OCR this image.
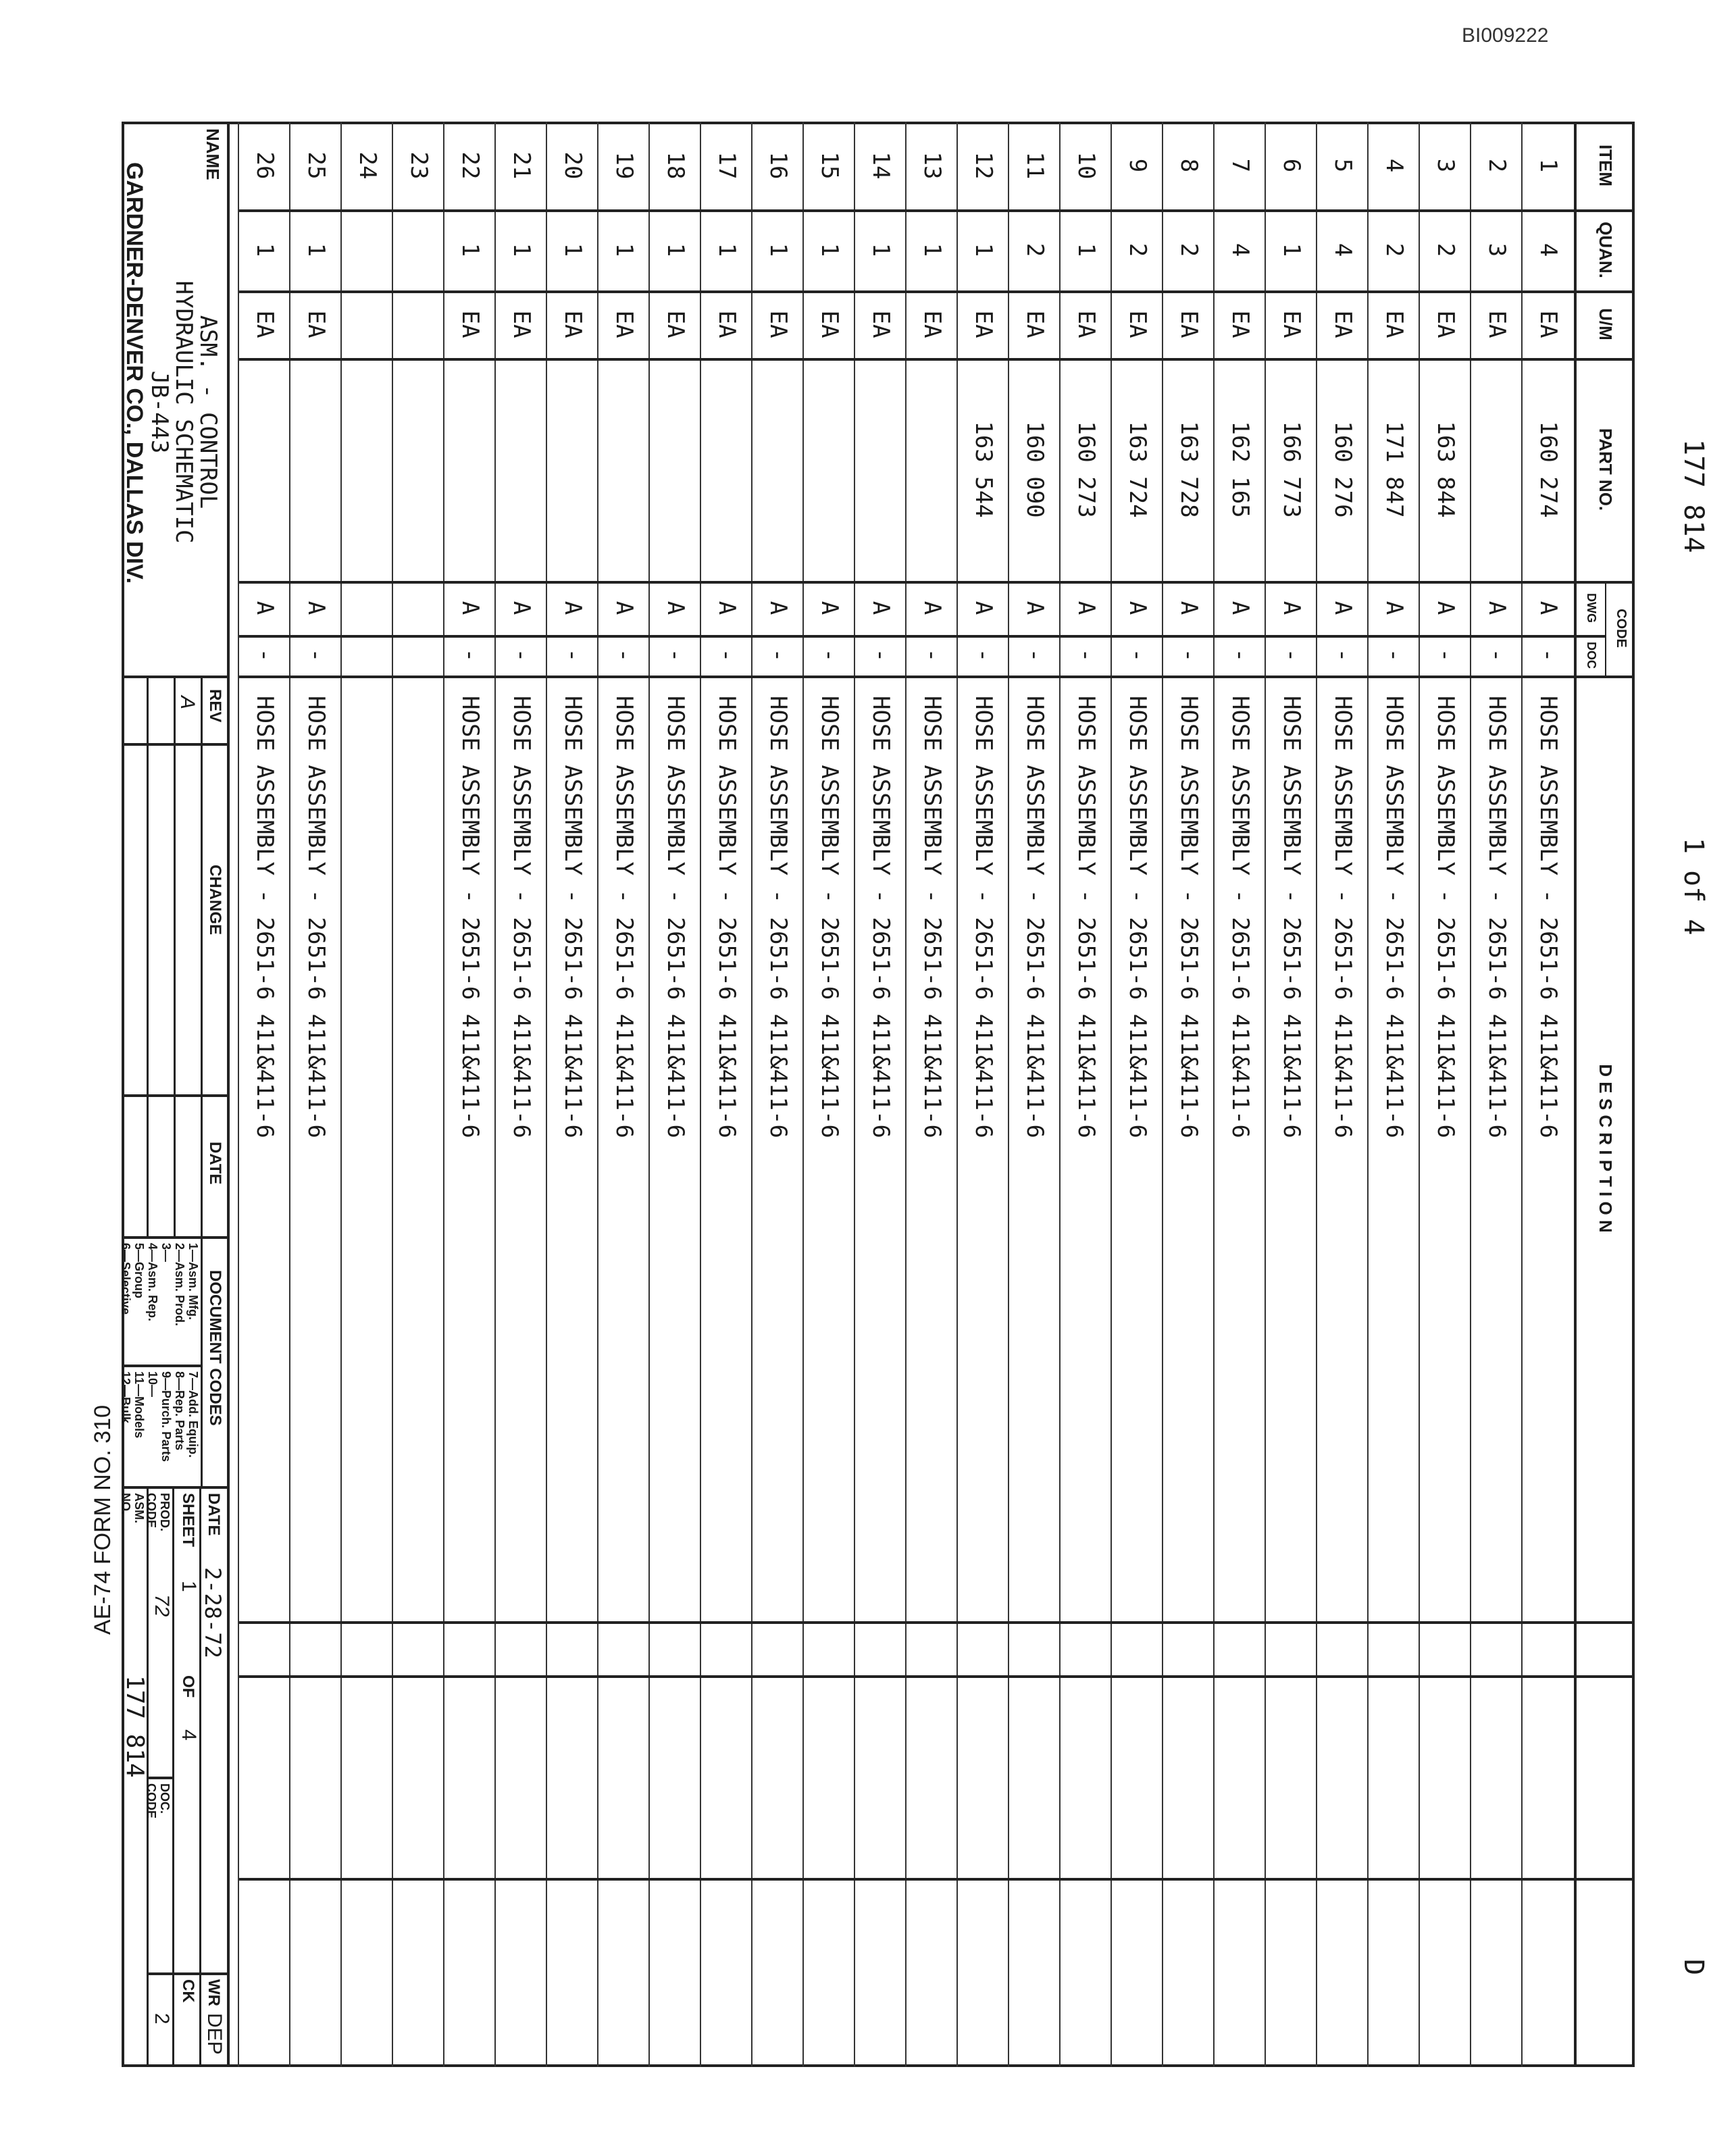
BI009222
177 814
1 of 4
D
ITEM
QUAN.
U/M
PART NO.
D E S C R I P T I O N
CODE
DWG
DOC
1
4
EA
160 274
A
-
HOSE ASSEMBLY - 2651-6 411&411-6
2
3
EA
A
-
HOSE ASSEMBLY - 2651-6 411&411-6
3
2
EA
163 844
A
-
HOSE ASSEMBLY - 2651-6 411&411-6
4
2
EA
171 847
A
-
HOSE ASSEMBLY - 2651-6 411&411-6
5
4
EA
160 276
A
-
HOSE ASSEMBLY - 2651-6 411&411-6
6
1
EA
166 773
A
-
HOSE ASSEMBLY - 2651-6 411&411-6
7
4
EA
162 165
A
-
HOSE ASSEMBLY - 2651-6 411&411-6
8
2
EA
163 728
A
-
HOSE ASSEMBLY - 2651-6 411&411-6
9
2
EA
163 724
A
-
HOSE ASSEMBLY - 2651-6 411&411-6
10
1
EA
160 273
A
-
HOSE ASSEMBLY - 2651-6 411&411-6
11
2
EA
160 090
A
-
HOSE ASSEMBLY - 2651-6 411&411-6
12
1
EA
163 544
A
-
HOSE ASSEMBLY - 2651-6 411&411-6
13
1
EA
A
-
HOSE ASSEMBLY - 2651-6 411&411-6
14
1
EA
A
-
HOSE ASSEMBLY - 2651-6 411&411-6
15
1
EA
A
-
HOSE ASSEMBLY - 2651-6 411&411-6
16
1
EA
A
-
HOSE ASSEMBLY - 2651-6 411&411-6
17
1
EA
A
-
HOSE ASSEMBLY - 2651-6 411&411-6
18
1
EA
A
-
HOSE ASSEMBLY - 2651-6 411&411-6
19
1
EA
A
-
HOSE ASSEMBLY - 2651-6 411&411-6
20
1
EA
A
-
HOSE ASSEMBLY - 2651-6 411&411-6
21
1
EA
A
-
HOSE ASSEMBLY - 2651-6 411&411-6
22
1
EA
A
-
HOSE ASSEMBLY - 2651-6 411&411-6
23
24
25
1
EA
A
-
HOSE ASSEMBLY - 2651-6 411&411-6
26
1
EA
A
-
HOSE ASSEMBLY - 2651-6 411&411-6
NAME
ASM. - CONTROL
HYDRAULIC SCHEMATIC
JB-443
GARDNER-DENVER CO., DALLAS DIV.
REV
A
CHANGE
DATE
DOCUMENT CODES
1—Asm. Mfg.
2—Asm. Prod.
3—
4—Asm. Rep.
5—Group
6—Selective
7—Add. Equip.
8—Rep. Parts
9—Purch. Parts
10—
11—Models
12—Bulk
DATE
2-28-72
WR
DEP
SHEET
1
OF
4
CK
PROD. CODE
72
DOC. CODE
2
ASM. NO.
177 814
AE-74 FORM NO. 310
